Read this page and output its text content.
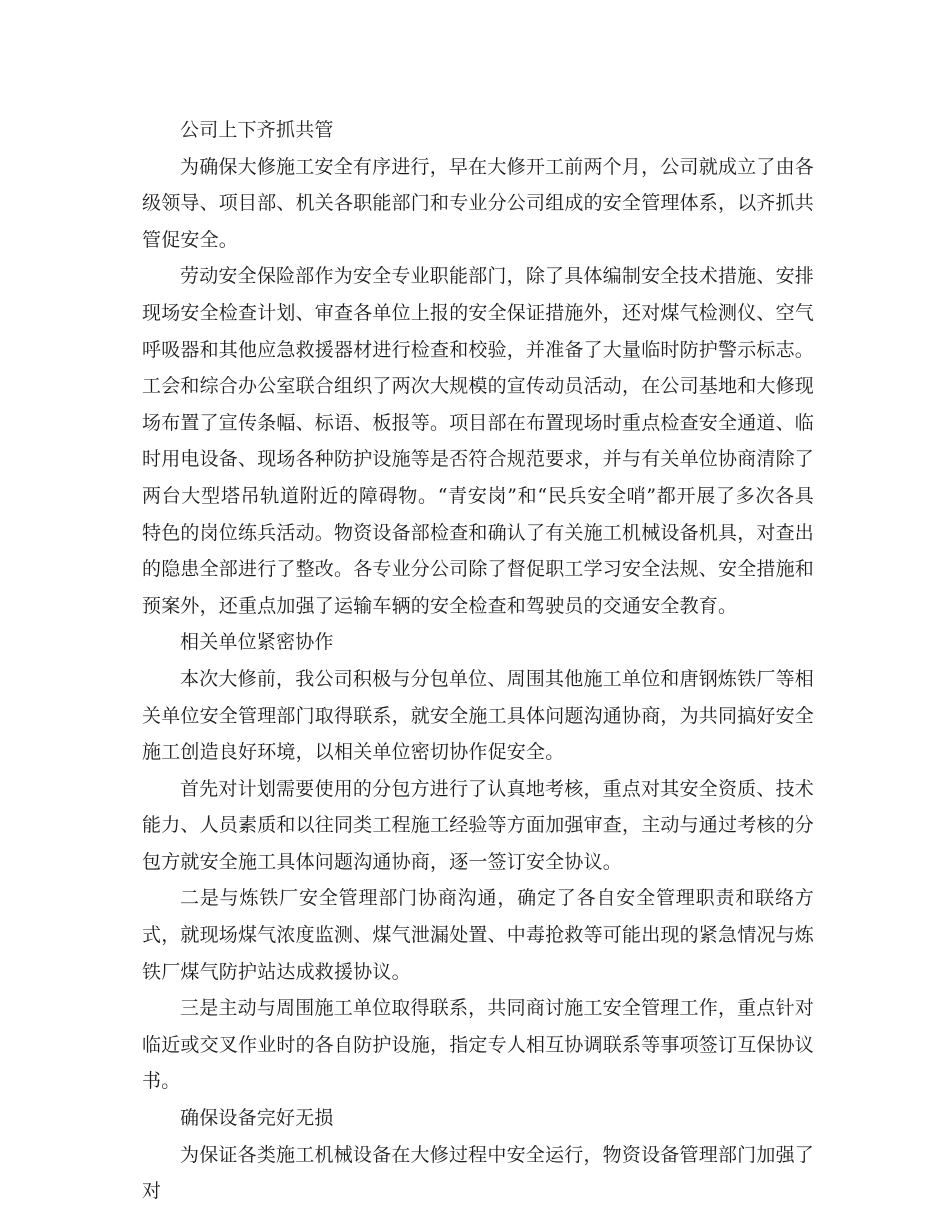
公司上下齐抓共管

为确保大修施工安全有序进行，早在大修开工前两个月，公司就成立了由各级领导、项目部、机关各职能部门和专业分公司组成的安全管理体系，以齐抓共管促安全。

劳动安全保险部作为安全专业职能部门，除了具体编制安全技术措施、安排现场安全检查计划、审查各单位上报的安全保证措施外，还对煤气检测仪、空气呼吸器和其他应急救援器材进行检查和校验，并准备了大量临时防护警示标志。工会和综合办公室联合组织了两次大规模的宣传动员活动，在公司基地和大修现场布置了宣传条幅、标语、板报等。项目部在布置现场时重点检查安全通道、临时用电设备、现场各种防护设施等是否符合规范要求，并与有关单位协商清除了两台大型塔吊轨道附近的障碍物。“青安岗”和“民兵安全哨”都开展了多次各具特色的岗位练兵活动。物资设备部检查和确认了有关施工机械设备机具，对查出的隐患全部进行了整改。各专业分公司除了督促职工学习安全法规、安全措施和预案外，还重点加强了运输车辆的安全检查和驾驶员的交通安全教育。

相关单位紧密协作

本次大修前，我公司积极与分包单位、周围其他施工单位和唐钢炼铁厂等相关单位安全管理部门取得联系，就安全施工具体问题沟通协商，为共同搞好安全施工创造良好环境，以相关单位密切协作促安全。

首先对计划需要使用的分包方进行了认真地考核，重点对其安全资质、技术能力、人员素质和以往同类工程施工经验等方面加强审查，主动与通过考核的分包方就安全施工具体问题沟通协商，逐一签订安全协议。

二是与炼铁厂安全管理部门协商沟通，确定了各自安全管理职责和联络方式，就现场煤气浓度监测、煤气泄漏处置、中毒抢救等可能出现的紧急情况与炼铁厂煤气防护站达成救援协议。

三是主动与周围施工单位取得联系，共同商讨施工安全管理工作，重点针对临近或交叉作业时的各自防护设施，指定专人相互协调联系等事项签订互保协议书。

确保设备完好无损

为保证各类施工机械设备在大修过程中安全运行，物资设备管理部门加强了对
